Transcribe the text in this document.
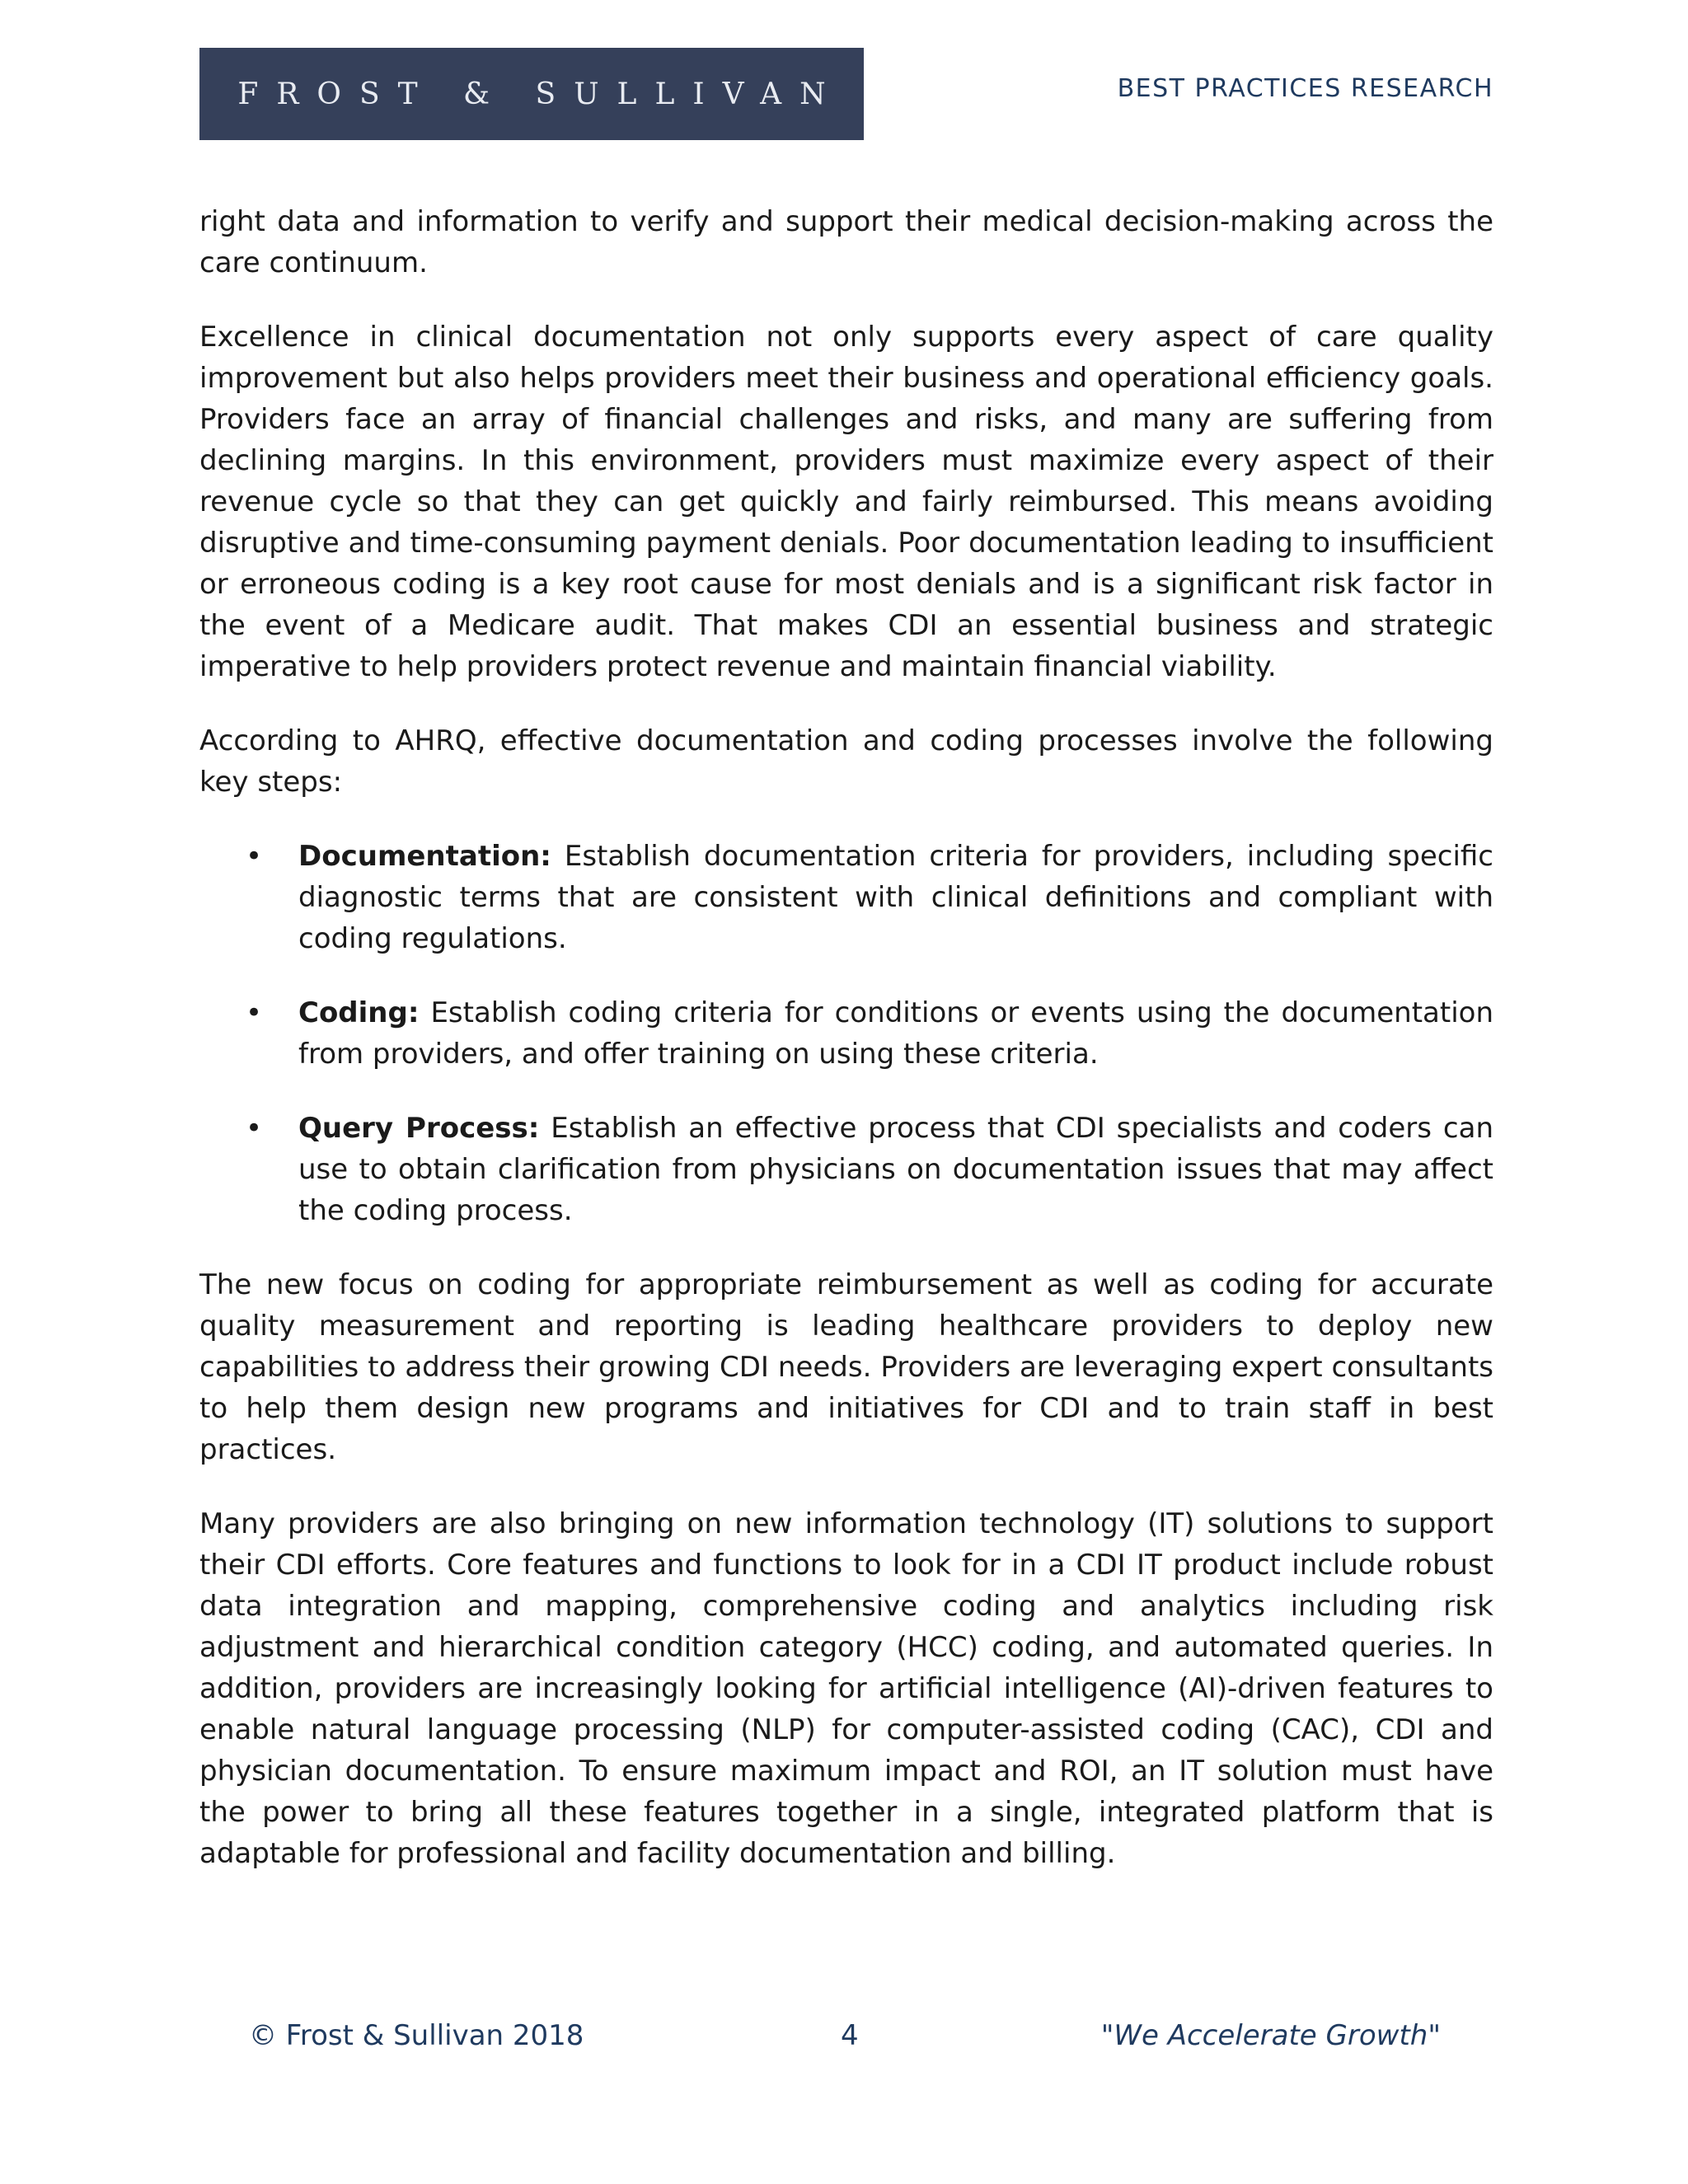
FROST & SULLIVAN	BEST PRACTICES RESEARCH

right data and information to verify and support their medical decision-making across the care continuum.

Excellence in clinical documentation not only supports every aspect of care quality improvement but also helps providers meet their business and operational efficiency goals. Providers face an array of financial challenges and risks, and many are suffering from declining margins. In this environment, providers must maximize every aspect of their revenue cycle so that they can get quickly and fairly reimbursed. This means avoiding disruptive and time-consuming payment denials. Poor documentation leading to insufficient or erroneous coding is a key root cause for most denials and is a significant risk factor in the event of a Medicare audit. That makes CDI an essential business and strategic imperative to help providers protect revenue and maintain financial viability.

According to AHRQ, effective documentation and coding processes involve the following key steps:

• Documentation: Establish documentation criteria for providers, including specific diagnostic terms that are consistent with clinical definitions and compliant with coding regulations.
• Coding: Establish coding criteria for conditions or events using the documentation from providers, and offer training on using these criteria.
• Query Process: Establish an effective process that CDI specialists and coders can use to obtain clarification from physicians on documentation issues that may affect the coding process.

The new focus on coding for appropriate reimbursement as well as coding for accurate quality measurement and reporting is leading healthcare providers to deploy new capabilities to address their growing CDI needs. Providers are leveraging expert consultants to help them design new programs and initiatives for CDI and to train staff in best practices.

Many providers are also bringing on new information technology (IT) solutions to support their CDI efforts. Core features and functions to look for in a CDI IT product include robust data integration and mapping, comprehensive coding and analytics including risk adjustment and hierarchical condition category (HCC) coding, and automated queries. In addition, providers are increasingly looking for artificial intelligence (AI)-driven features to enable natural language processing (NLP) for computer-assisted coding (CAC), CDI and physician documentation. To ensure maximum impact and ROI, an IT solution must have the power to bring all these features together in a single, integrated platform that is adaptable for professional and facility documentation and billing.

© Frost & Sullivan 2018	4	"We Accelerate Growth"
